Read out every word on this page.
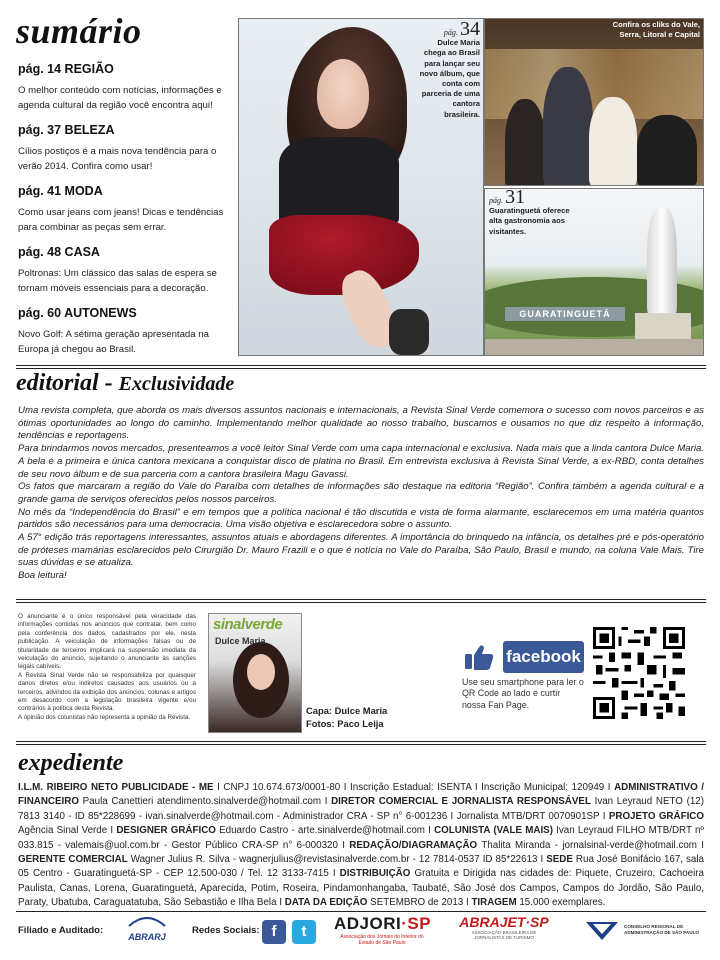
sumário
pág. 14 REGIÃO
O melhor conteúdo com notícias, informações e agenda cultural da região você encontra aqui!
pág. 37 BELEZA
Cílios postiços é a mais nova tendência para o verão 2014. Confira como usar!
pág. 41 MODA
Como usar jeans com jeans! Dicas e tendências para combinar as peças sem errar.
pág. 48 CASA
Poltronas: Um clássico das salas de espera se tornam móveis essenciais para a decoração.
pág. 60 AUTONEWS
Novo Golf: A sétima geração apresentada na Europa já chegou ao Brasil.
pág. 34
Dulce Maria chega ao Brasil para lançar seu novo álbum, que conta com parceria de uma cantora brasileira.
Confira os cliks do Vale, Serra, Litoral e Capital
GUARATINGUETÁ
pág. 31
Guaratinguetá oferece alta gastronomia aos visitantes.
editorial - Exclusividade

Uma revista completa, que aborda os mais diversos assuntos nacionais e internacionais, a Revista Sinal Verde comemora o sucesso com novos parceiros e as ótimas oportunidades ao longo do caminho. Implementando melhor qualidade ao nosso trabalho, buscamos e ousamos no que diz respeito à informação, tendências e reportagens.

Para brindarmos novos mercados, presenteamos a você leitor Sinal Verde com uma capa internacional e exclusiva. Nada mais que a linda cantora Dulce Maria. A bela é a primeira e única cantora mexicana a conquistar disco de platina no Brasil. Em entrevista exclusiva à Revista Sinal Verde, a ex-RBD, conta detalhes de seu novo álbum e de sua parceria com a cantora brasileira Magu Gavassi.

Os fatos que marcaram a região do Vale do Paraíba com detalhes de informações são destaque na editoria “Região”. Confira também a agenda cultural e a grande gama de serviços oferecidos pelos nossos parceiros.

No mês da “Independência do Brasil” e em tempos que a política nacional é tão discutida e vista de forma alarmante, esclarecemos em uma matéria quantos partidos são necessários para uma democracia. Uma visão objetiva e esclarecedora sobre o assunto.

A 57° edição trás reportagens interessantes, assuntos atuais e abordagens diferentes. A importância do brinquedo na infância, os detalhes pré e pós-operatório de próteses mamárias esclarecidos pelo Cirurgião Dr. Mauro Frazili e o que é notícia no Vale do Paraíba, São Paulo, Brasil e mundo, na coluna Vale Mais. Tire suas dúvidas e se atualiza.

Boa leitura!

O anunciante é o único responsável pela veracidade das informações contidas nos anúncios que contratar, bem como pela conferência dos dados, cadastrados por ele, nesta publicação. A veiculação de informações falsas ou de titularidade de terceiros implicará na suspensão imediata da veiculação do anúncio, sujeitando o anunciante às sanções legais cabíveis.

A Revista Sinal Verde não se responsabiliza por quaisquer danos diretos e/ou indiretos causados aos usuários ou a terceiros, advindos da exibição dos anúncios, colunas e artigos em desacordo com a legislação brasileira vigente e/ou contrários à política desta Revista.

A opinião dos colunistas não representa a opinião da Revista.

sinalverde
Dulce Maria
Capa: Dulce Maria
Fotos: Paco Leija
facebook
Use seu smartphone para ler o QR Code ao lado e curtir nossa Fan Page.
expediente
I.L.M. RIBEIRO NETO PUBLICIDADE - ME I CNPJ 10.674.673/0001-80 I Inscrição Estadual: ISENTA I Inscrição Municipal: 120949 I ADMINISTRATIVO / FINANCEIRO Paula Canettieri atendimento.sinalverde@hotmail.com I DIRETOR COMERCIAL E JORNALISTA RESPONSÁVEL Ivan Leyraud NETO (12) 7813 3140 - ID 85*228699 - ivan.sinalverde@hotmail.com - Administrador CRA - SP n° 6-001236 I Jornalista MTB/DRT 0070901SP I PROJETO GRÁFICO Agência Sinal Verde I DESIGNER GRÁFICO Eduardo Castro - arte.sinalverde@hotmail.com I COLUNISTA (VALE MAIS) Ivan Leyraud FILHO MTB/DRT nº 033.815 - valemais@uol.com.br - Gestor Público CRA-SP n° 6-000320 I REDAÇÃO/DIAGRAMAÇÃO Thalita Miranda - jornalsinal-verde@hotmail.com I GERENTE COMERCIAL Wagner Julius R. Silva - wagnerjulius@revistasinalverde.com.br - 12 7814-0537 ID 85*22613 I SEDE Rua José Bonifácio 167, sala 05 Centro - Guaratinguetá-SP - CEP 12.500-030 / Tel. 12 3133-7415 I DISTRIBUIÇÃO Gratuita e Dirigida nas cidades de: Piquete, Cruzeiro, Cachoeira Paulista, Canas, Lorena, Guaratinguetá, Aparecida, Potim, Roseira, Pindamonhangaba, Taubaté, São José dos Campos, Campos do Jordão, São Paulo, Paraty, Ubatuba, Caraguatatuba, São Sebastião e Ilha Bela I DATA DA EDIÇÃO SETEMBRO de 2013 I TIRAGEM 15.000 exemplares.
Filiado e Auditado:
ABRARJ
Redes Sociais: f	t	ADJORI·SP
Associação dos Jornais do Interior do Estado de São Paulo
ABRAJET·SP
ASSOCIAÇÃO BRASILEIRA DE JORNALISTAS DE TURISMO
CONSELHO REGIONAL DE ADMINISTRAÇÃO DE SÃO PAULO
